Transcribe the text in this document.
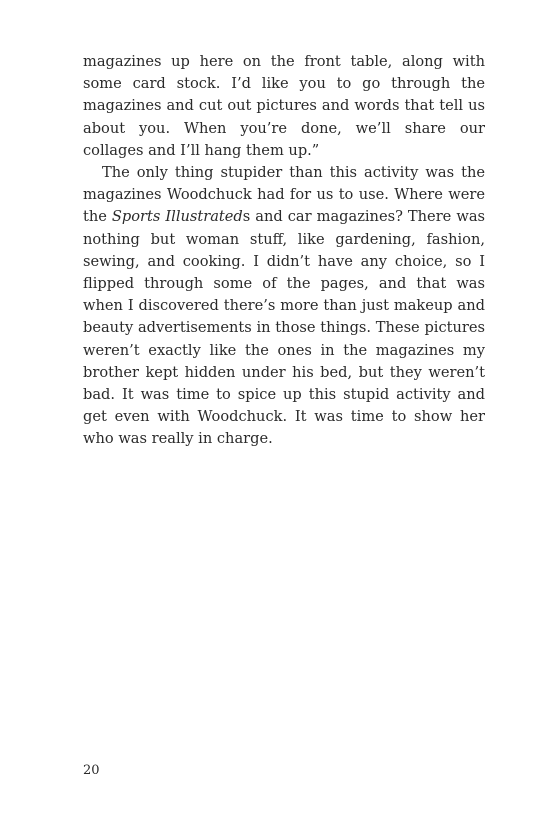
magazines up here on the front table, along with some card stock. I’d like you to go through the magazines and cut out pictures and words that tell us about you. When you’re done, we’ll share our collages and I’ll hang them up.”

The only thing stupider than this activity was the magazines Woodchuck had for us to use. Where were the Sports Illustrateds and car magazines? There was nothing but woman stuff, like gardening, fashion, sewing, and cooking. I didn’t have any choice, so I flipped through some of the pages, and that was when I discovered there’s more than just makeup and beauty advertisements in those things. These pictures weren’t exactly like the ones in the magazines my brother kept hidden under his bed, but they weren’t bad. It was time to spice up this stupid activity and get even with Woodchuck. It was time to show her who was really in charge.

20
